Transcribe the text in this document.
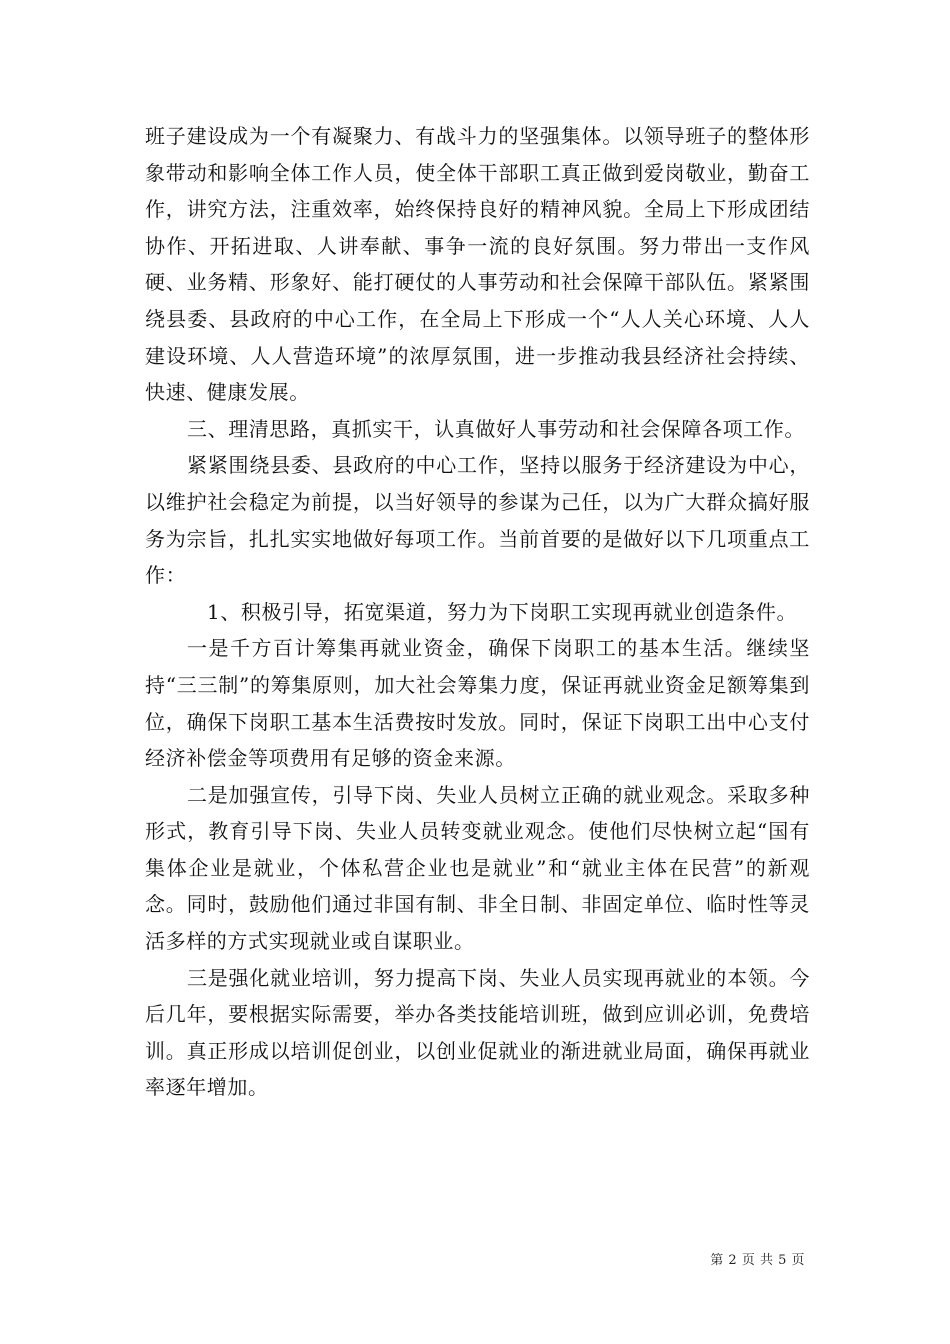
班子建设成为一个有凝聚力、有战斗力的坚强集体。以领导班子的整体形象带动和影响全体工作人员，使全体干部职工真正做到爱岗敬业，勤奋工作，讲究方法，注重效率，始终保持良好的精神风貌。全局上下形成团结协作、开拓进取、人讲奉献、事争一流的良好氛围。努力带出一支作风硬、业务精、形象好、能打硬仗的人事劳动和社会保障干部队伍。紧紧围绕县委、县政府的中心工作，在全局上下形成一个“人人关心环境、人人建设环境、人人营造环境”的浓厚氛围，进一步推动我县经济社会持续、快速、健康发展。

三、理清思路，真抓实干，认真做好人事劳动和社会保障各项工作。

紧紧围绕县委、县政府的中心工作，坚持以服务于经济建设为中心，以维护社会稳定为前提，以当好领导的参谋为己任，以为广大群众搞好服务为宗旨，扎扎实实地做好每项工作。当前首要的是做好以下几项重点工作：

1、积极引导，拓宽渠道，努力为下岗职工实现再就业创造条件。

一是千方百计筹集再就业资金，确保下岗职工的基本生活。继续坚持“三三制”的筹集原则，加大社会筹集力度，保证再就业资金足额筹集到位，确保下岗职工基本生活费按时发放。同时，保证下岗职工出中心支付经济补偿金等项费用有足够的资金来源。

二是加强宣传，引导下岗、失业人员树立正确的就业观念。采取多种形式，教育引导下岗、失业人员转变就业观念。使他们尽快树立起“国有集体企业是就业，个体私营企业也是就业”和“就业主体在民营”的新观念。同时，鼓励他们通过非国有制、非全日制、非固定单位、临时性等灵活多样的方式实现就业或自谋职业。

三是强化就业培训，努力提高下岗、失业人员实现再就业的本领。今后几年，要根据实际需要，举办各类技能培训班，做到应训必训，免费培训。真正形成以培训促创业，以创业促就业的渐进就业局面，确保再就业率逐年增加。

第 2 页 共 5 页
